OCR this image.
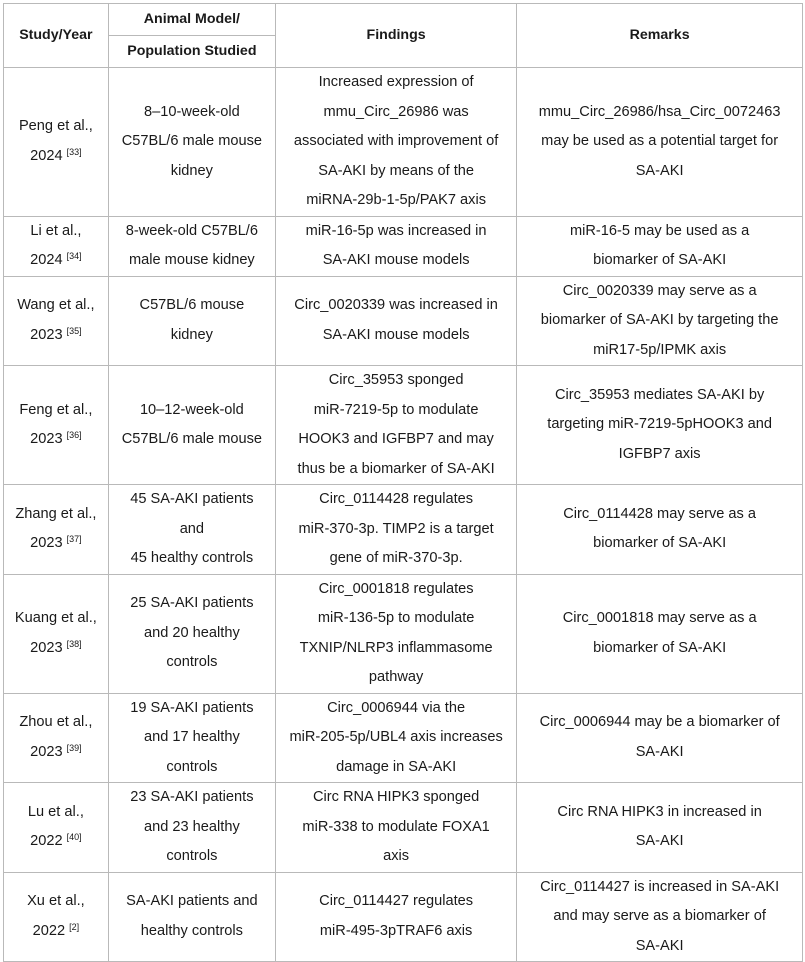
Study/Year	Animal Model/	Findings	Remarks
	Population Studied		

Peng et al.,
2024 [33]	8–10-week-old
C57BL/6 male mouse
kidney	Increased expression of
mmu_Circ_26986 was
associated with improvement of
SA-AKI by means of the
miRNA-29b-1-5p/PAK7 axis	mmu_Circ_26986/hsa_Circ_0072463
may be used as a potential target for
SA-AKI

Li et al.,
2024 [34]	8-week-old C57BL/6
male mouse kidney	miR-16-5p was increased in
SA-AKI mouse models	miR-16-5 may be used as a
biomarker of SA-AKI

Wang et al.,
2023 [35]	C57BL/6 mouse
kidney	Circ_0020339 was increased in
SA-AKI mouse models	Circ_0020339 may serve as a
biomarker of SA-AKI by targeting the
miR17-5p/IPMK axis

Feng et al.,
2023 [36]	10–12-week-old
C57BL/6 male mouse	Circ_35953 sponged
miR-7219-5p to modulate
HOOK3 and IGFBP7 and may
thus be a biomarker of SA-AKI	Circ_35953 mediates SA-AKI by
targeting miR-7219-5pHOOK3 and
IGFBP7 axis

Zhang et al.,
2023 [37]	45 SA-AKI patients
and
45 healthy controls	Circ_0114428 regulates
miR-370-3p. TIMP2 is a target
gene of miR-370-3p.	Circ_0114428 may serve as a
biomarker of SA-AKI

Kuang et al.,
2023 [38]	25 SA-AKI patients
and 20 healthy
controls	Circ_0001818 regulates
miR-136-5p to modulate
TXNIP/NLRP3 inflammasome
pathway	Circ_0001818 may serve as a
biomarker of SA-AKI

Zhou et al.,
2023 [39]	19 SA-AKI patients
and 17 healthy
controls	Circ_0006944 via the
miR-205-5p/UBL4 axis increases
damage in SA-AKI	Circ_0006944 may be a biomarker of
SA-AKI

Lu et al.,
2022 [40]	23 SA-AKI patients
and 23 healthy
controls	Circ RNA HIPK3 sponged
miR-338 to modulate FOXA1
axis	Circ RNA HIPK3 in increased in
SA-AKI

Xu et al.,
2022 [2]	SA-AKI patients and
healthy controls	Circ_0114427 regulates
miR-495-3pTRAF6 axis	Circ_0114427 is increased in SA-AKI
and may serve as a biomarker of
SA-AKI
